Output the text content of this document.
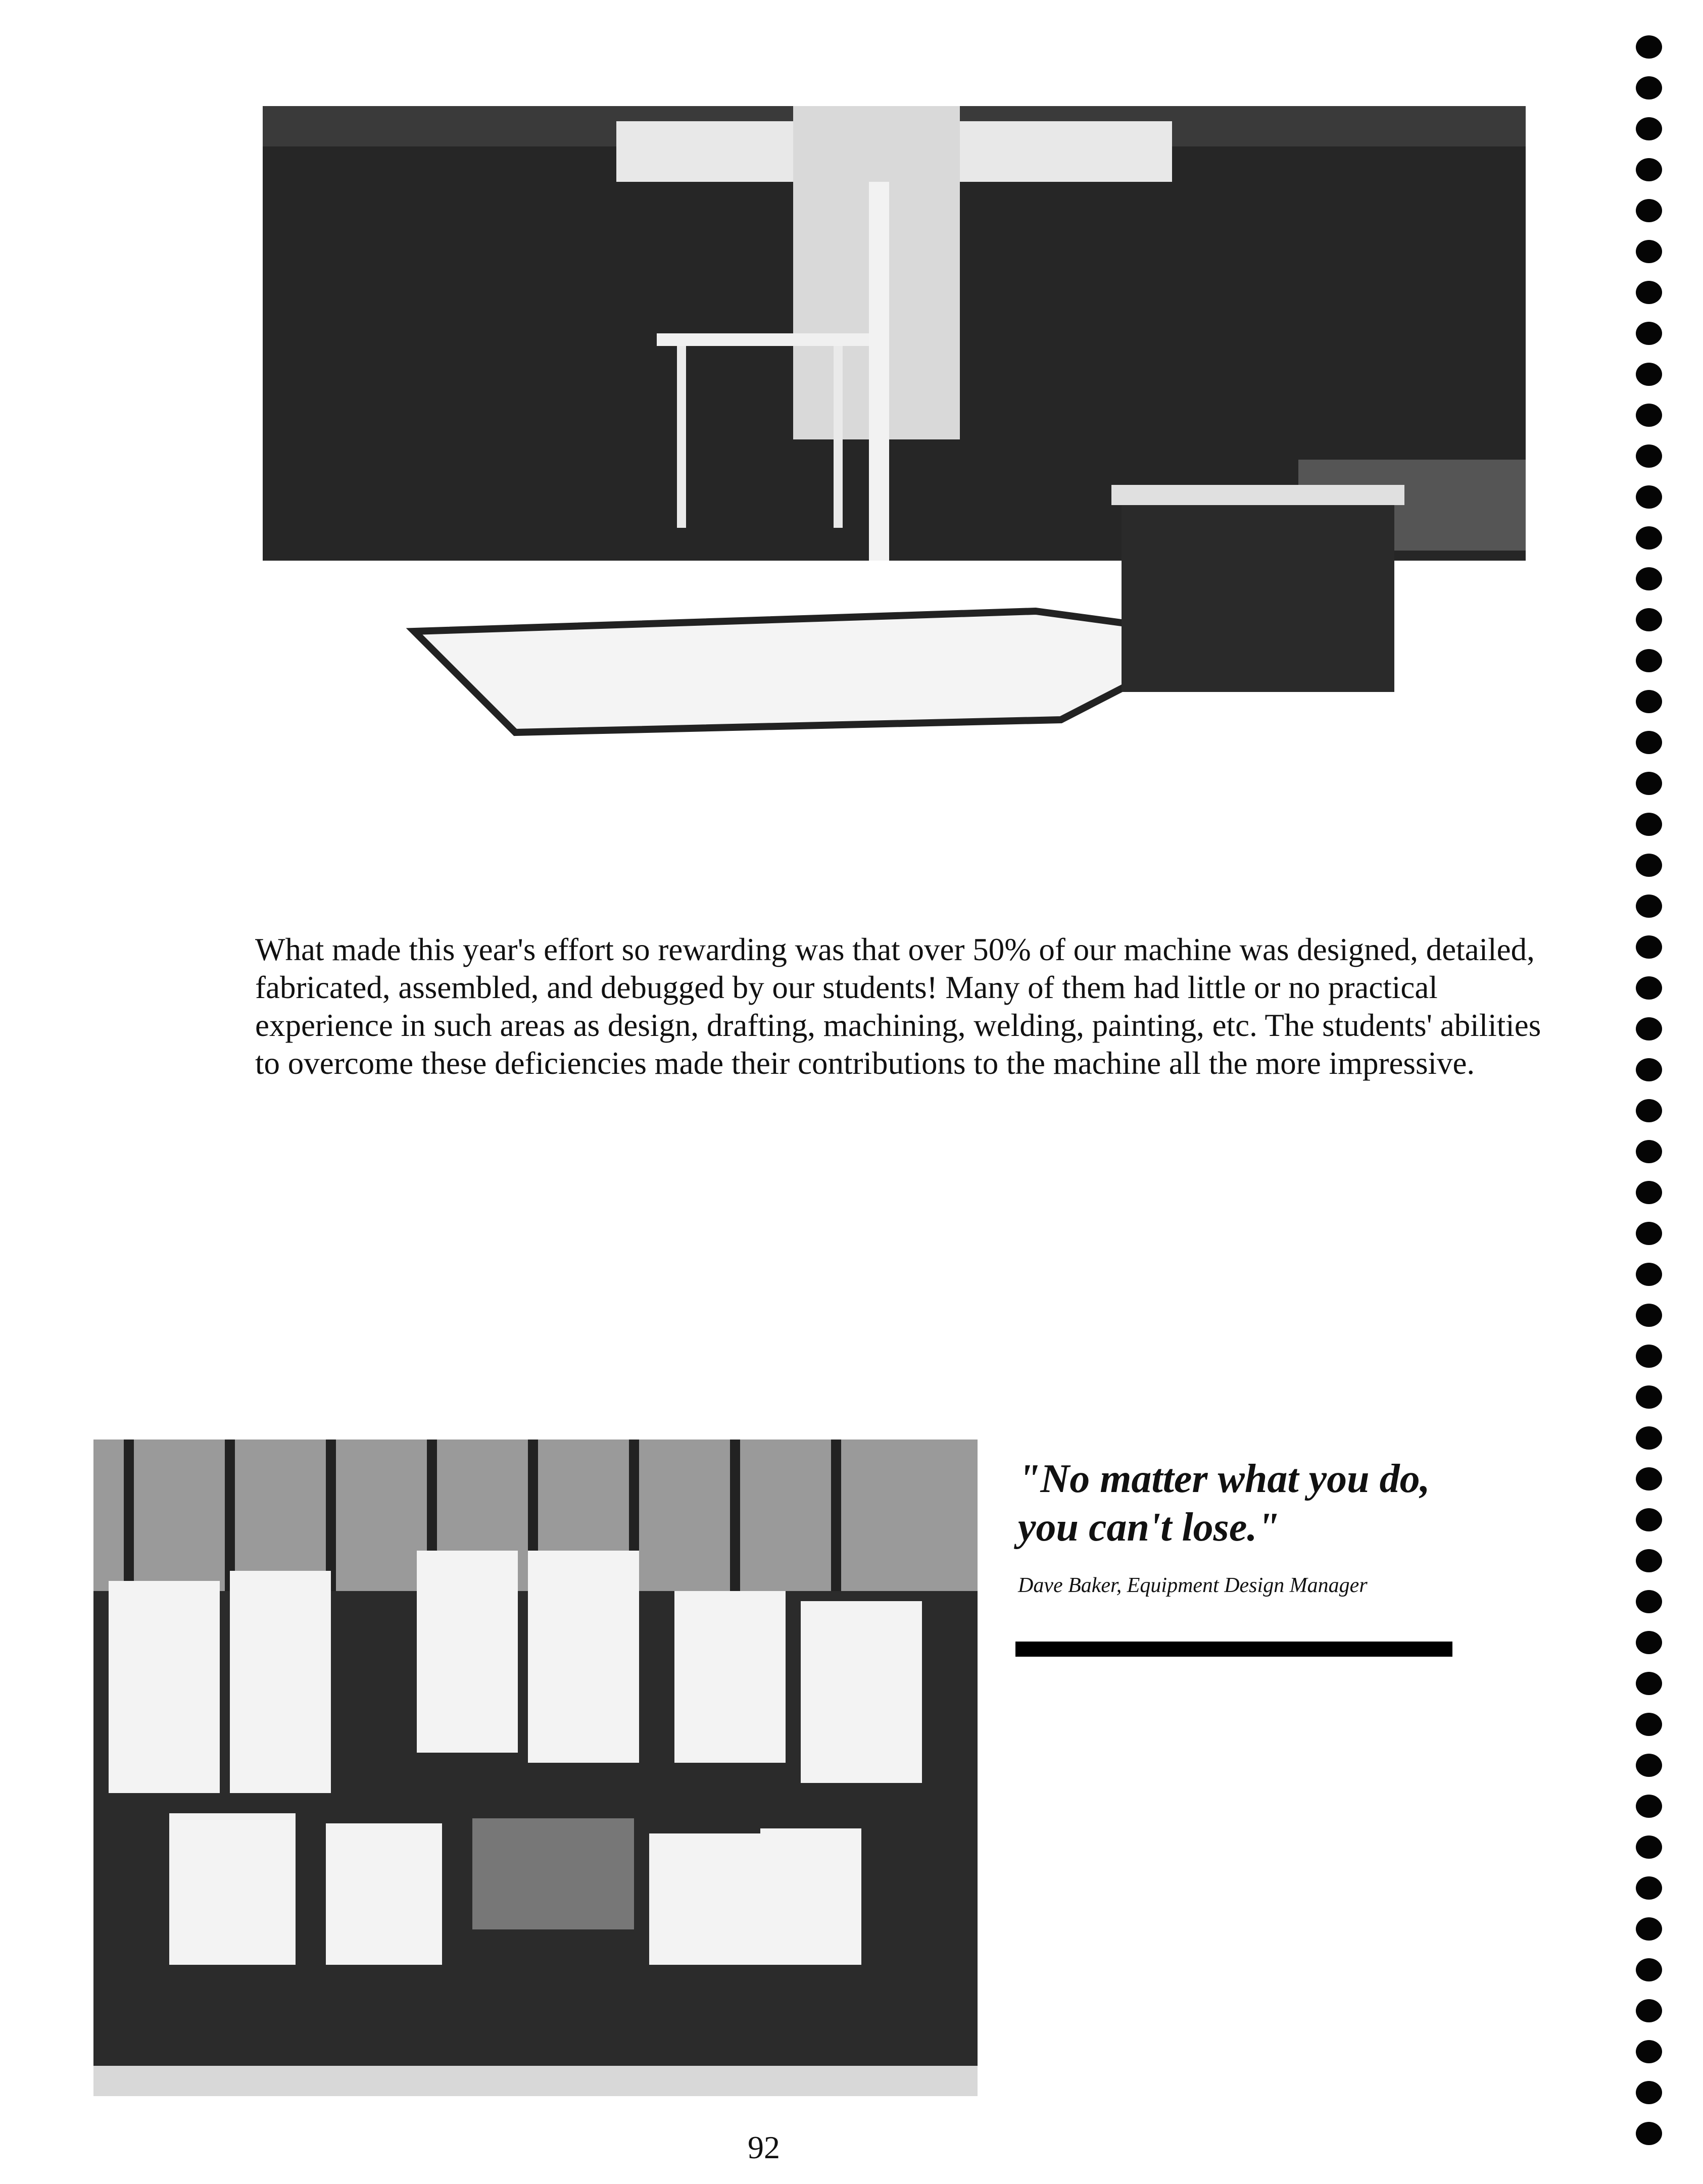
What made this year's effort so rewarding was that over 50% of our machine was designed, detailed, fabricated, assembled, and debugged by our students! Many of them had little or no practical experience in such areas as design, drafting, machining, welding, painting, etc. The students' abilities to overcome these deficiencies made their contributions to the machine all the more impressive.

"No matter what you do, you can't lose."
Dave Baker, Equipment Design Manager
92
